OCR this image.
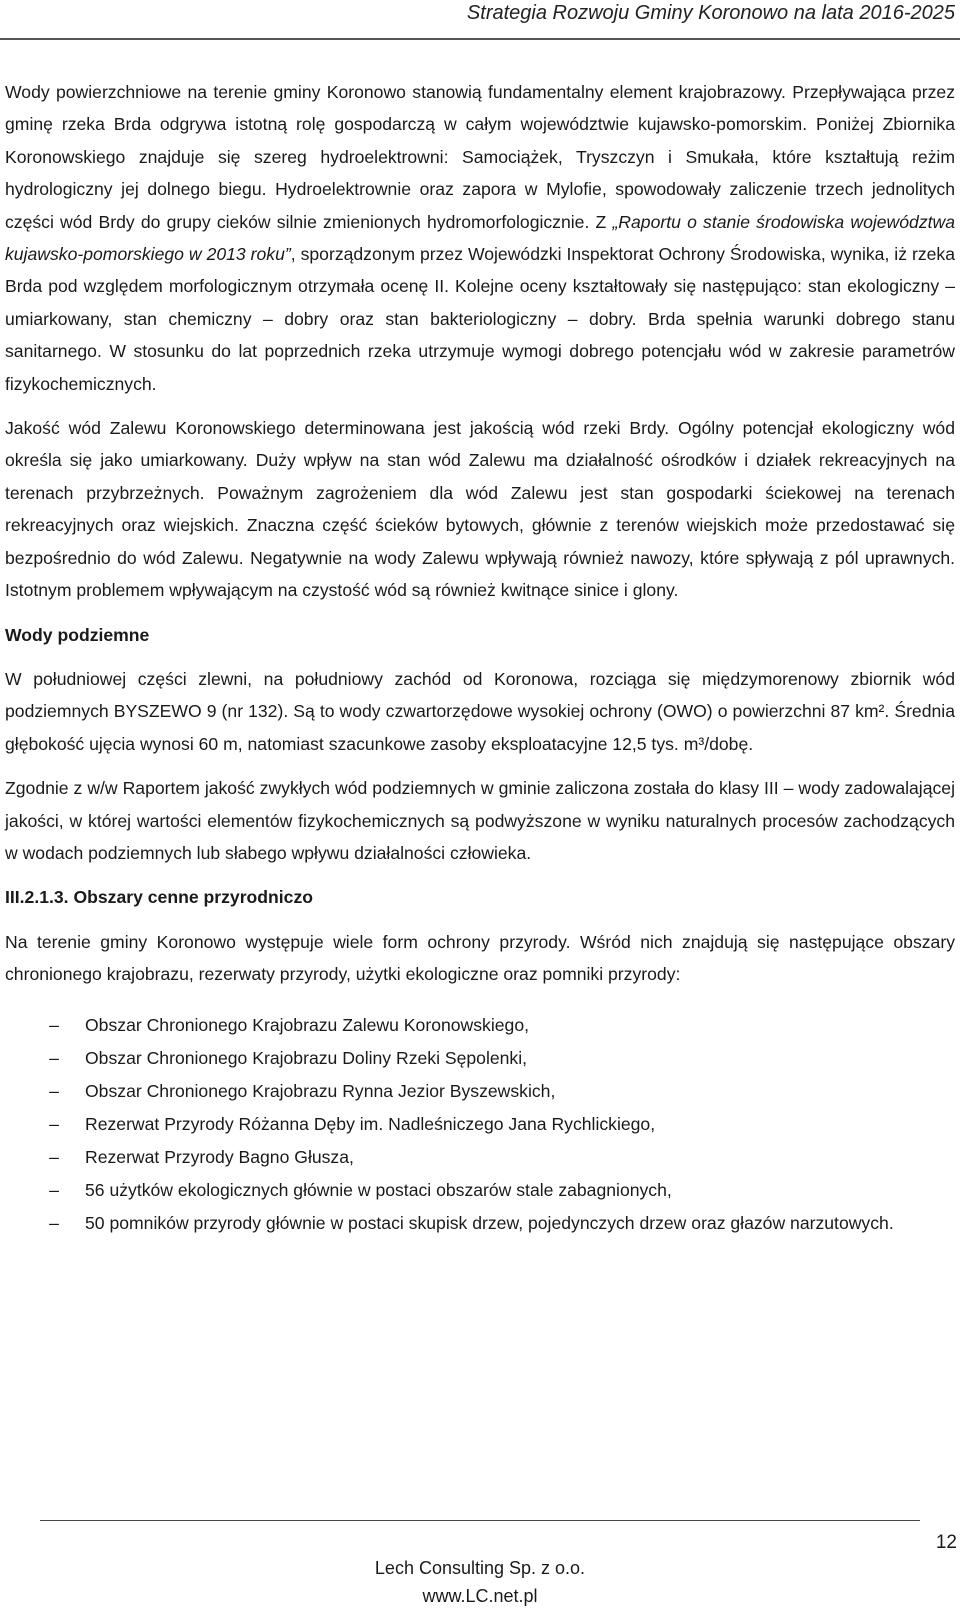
Strategia Rozwoju Gminy Koronowo na lata 2016-2025

Wody powierzchniowe na terenie gminy Koronowo stanowią fundamentalny element krajobrazowy. Przepływająca przez gminę rzeka Brda odgrywa istotną rolę gospodarczą w całym województwie kujawsko-pomorskim. Poniżej Zbiornika Koronowskiego znajduje się szereg hydroelektrowni: Samociążek, Tryszczyn i Smukała, które kształtują reżim hydrologiczny jej dolnego biegu. Hydroelektrownie oraz zapora w Mylofie, spowodowały zaliczenie trzech jednolitych części wód Brdy do grupy cieków silnie zmienionych hydromorfologicznie. Z „Raportu o stanie środowiska województwa kujawsko-pomorskiego w 2013 roku”, sporządzonym przez Wojewódzki Inspektorat Ochrony Środowiska, wynika, iż rzeka Brda pod względem morfologicznym otrzymała ocenę II. Kolejne oceny kształtowały się następująco: stan ekologiczny – umiarkowany, stan chemiczny – dobry oraz stan bakteriologiczny – dobry. Brda spełnia warunki dobrego stanu sanitarnego. W stosunku do lat poprzednich rzeka utrzymuje wymogi dobrego potencjału wód w zakresie parametrów fizykochemicznych.

Jakość wód Zalewu Koronowskiego determinowana jest jakością wód rzeki Brdy. Ogólny potencjał ekologiczny wód określa się jako umiarkowany. Duży wpływ na stan wód Zalewu ma działalność ośrodków i działek rekreacyjnych na terenach przybrzeżnych. Poważnym zagrożeniem dla wód Zalewu jest stan gospodarki ściekowej na terenach rekreacyjnych oraz wiejskich. Znaczna część ścieków bytowych, głównie z terenów wiejskich może przedostawać się bezpośrednio do wód Zalewu. Negatywnie na wody Zalewu wpływają również nawozy, które spływają z pól uprawnych. Istotnym problemem wpływającym na czystość wód są również kwitnące sinice i glony.

Wody podziemne

W południowej części zlewni, na południowy zachód od Koronowa, rozciąga się międzymorenowy zbiornik wód podziemnych BYSZEWO 9 (nr 132). Są to wody czwartorzędowe wysokiej ochrony (OWO) o powierzchni 87 km². Średnia głębokość ujęcia wynosi 60 m, natomiast szacunkowe zasoby eksploatacyjne 12,5 tys. m³/dobę.

Zgodnie z w/w Raportem jakość zwykłych wód podziemnych w gminie zaliczona została do klasy III – wody zadowalającej jakości, w której wartości elementów fizykochemicznych są podwyższone w wyniku naturalnych procesów zachodzących w wodach podziemnych lub słabego wpływu działalności człowieka.

III.2.1.3. Obszary cenne przyrodniczo

Na terenie gminy Koronowo występuje wiele form ochrony przyrody. Wśród nich znajdują się następujące obszary chronionego krajobrazu, rezerwaty przyrody, użytki ekologiczne oraz pomniki przyrody:

–	Obszar Chronionego Krajobrazu Zalewu Koronowskiego,
–	Obszar Chronionego Krajobrazu Doliny Rzeki Sępolenki,
–	Obszar Chronionego Krajobrazu Rynna Jezior Byszewskich,
–	Rezerwat Przyrody Różanna Dęby im. Nadleśniczego Jana Rychlickiego,
–	Rezerwat Przyrody Bagno Głusza,
–	56 użytków ekologicznych głównie w postaci obszarów stale zabagnionych,
–	50 pomników przyrody głównie w postaci skupisk drzew, pojedynczych drzew oraz głazów narzutowych.
12
Lech Consulting Sp. z o.o.
www.LC.net.pl
